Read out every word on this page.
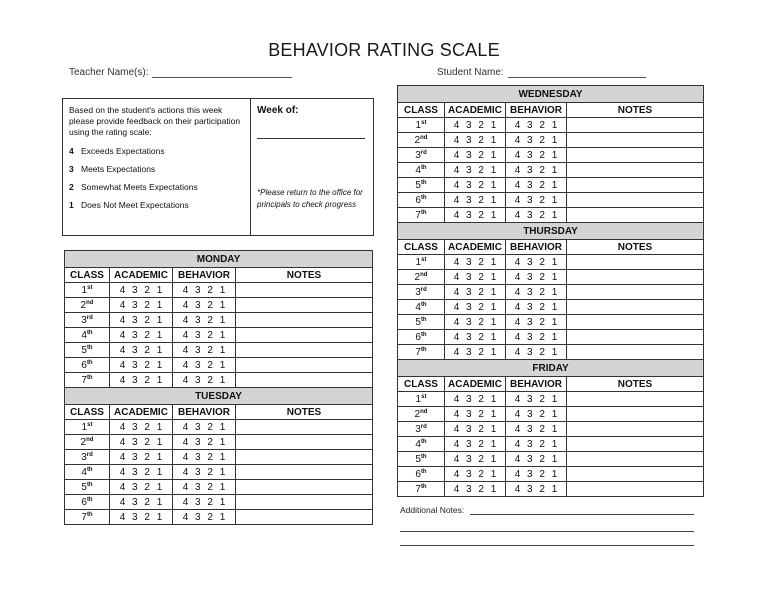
BEHAVIOR RATING SCALE
Teacher Name(s):	Student Name:
Based on the student's actions this week please provide feedback on their participation using the rating scale:
4 Exceeds Expectations
3 Meets Expectations
2 Somewhat Meets Expectations
1 Does Not Meet Expectations
Week of:
*Please return to the office for principals to check progress
MONDAY			
CLASS	ACADEMIC	BEHAVIOR	NOTES
1st	4 3 2 1	4 3 2 1	
2nd	4 3 2 1	4 3 2 1	
3rd	4 3 2 1	4 3 2 1	
4th	4 3 2 1	4 3 2 1	
5th	4 3 2 1	4 3 2 1	
6th	4 3 2 1	4 3 2 1	
7th	4 3 2 1	4 3 2 1	
TUESDAY			
CLASS	ACADEMIC	BEHAVIOR	NOTES
1st	4 3 2 1	4 3 2 1	
2nd	4 3 2 1	4 3 2 1	
3rd	4 3 2 1	4 3 2 1	
4th	4 3 2 1	4 3 2 1	
5th	4 3 2 1	4 3 2 1	
6th	4 3 2 1	4 3 2 1	
7th	4 3 2 1	4 3 2 1	
WEDNESDAY			
CLASS	ACADEMIC	BEHAVIOR	NOTES
1st	4 3 2 1	4 3 2 1	
2nd	4 3 2 1	4 3 2 1	
3rd	4 3 2 1	4 3 2 1	
4th	4 3 2 1	4 3 2 1	
5th	4 3 2 1	4 3 2 1	
6th	4 3 2 1	4 3 2 1	
7th	4 3 2 1	4 3 2 1	
THURSDAY			
CLASS	ACADEMIC	BEHAVIOR	NOTES
1st	4 3 2 1	4 3 2 1	
2nd	4 3 2 1	4 3 2 1	
3rd	4 3 2 1	4 3 2 1	
4th	4 3 2 1	4 3 2 1	
5th	4 3 2 1	4 3 2 1	
6th	4 3 2 1	4 3 2 1	
7th	4 3 2 1	4 3 2 1	
FRIDAY			
CLASS	ACADEMIC	BEHAVIOR	NOTES
1st	4 3 2 1	4 3 2 1	
2nd	4 3 2 1	4 3 2 1	
3rd	4 3 2 1	4 3 2 1	
4th	4 3 2 1	4 3 2 1	
5th	4 3 2 1	4 3 2 1	
6th	4 3 2 1	4 3 2 1	
7th	4 3 2 1	4 3 2 1	
Additional Notes:
